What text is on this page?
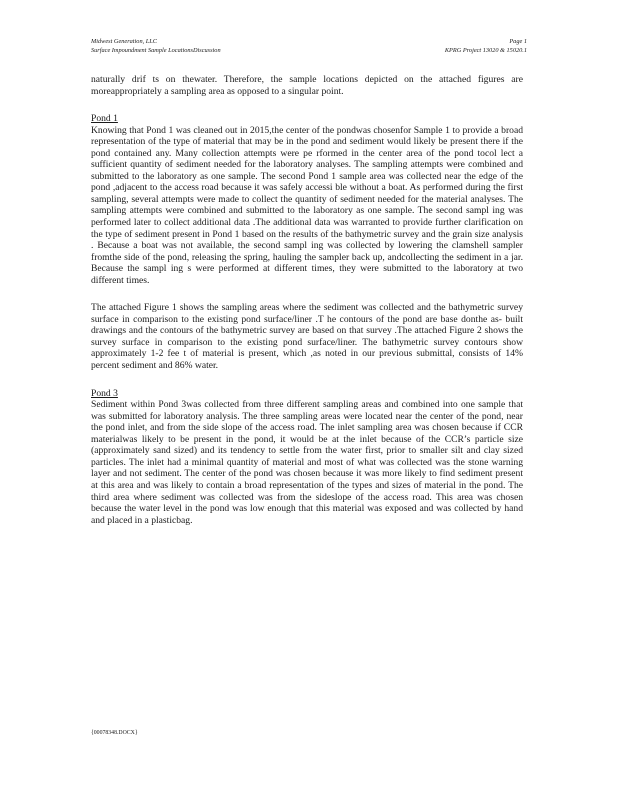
Midwest Generation, LLC	Page 1
Surface Impoundment Sample LocationsDiscussion	KPRG Project 13020 & 15020.1

naturally drif ts on thewater. Therefore, the sample locations depicted on the attached figures are moreappropriately a sampling area as opposed to a singular point.

Pond 1

Knowing that Pond 1 was cleaned out in 2015,the center of the pondwas chosenfor Sample 1 to provide a broad representation of the type of material that may be in the pond and sediment would likely be present there if the pond contained any. Many collection attempts were pe rformed in the center area of the pond tocol lect a sufficient quantity of sediment needed for the laboratory analyses. The sampling attempts were combined and submitted to the laboratory as one sample. The second Pond 1 sample area was collected near the edge of the pond ,adjacent to the access road because it was safely accessi ble without a boat. As performed during the first sampling, several attempts were made to collect the quantity of sediment needed for the material analyses. The sampling attempts were combined and submitted to the laboratory as one sample. The second sampl ing was performed later to collect additional data .The additional data was warranted to provide further clarification on the type of sediment present in Pond 1 based on the results of the bathymetric survey and the grain size analysis . Because a boat was not available, the second sampl ing was collected by lowering the clamshell sampler fromthe side of the pond, releasing the spring, hauling the sampler back up, andcollecting the sediment in a jar. Because the sampl ing s were performed at different times, they were submitted to the laboratory at two different times.

The attached Figure 1 shows the sampling areas where the sediment was collected and the bathymetric survey surface in comparison to the existing pond surface/liner .T he contours of the pond are base donthe as- built drawings and the contours of the bathymetric survey are based on that survey .The attached Figure 2 shows the survey surface in comparison to the existing pond surface/liner. The bathymetric survey contours show approximately 1-2 fee t of material is present, which ,as noted in our previous submittal, consists of 14% percent sediment and 86% water.

Pond 3

Sediment within Pond 3was collected from three different sampling areas and combined into one sample that was submitted for laboratory analysis. The three sampling areas were located near the center of the pond, near the pond inlet, and from the side slope of the access road. The inlet sampling area was chosen because if CCR materialwas likely to be present in the pond, it would be at the inlet because of the CCR’s particle size (approximately sand sized) and its tendency to settle from the water first, prior to smaller silt and clay sized particles. The inlet had a minimal quantity of material and most of what was collected was the stone warning layer and not sediment. The center of the pond was chosen because it was more likely to find sediment present at this area and was likely to contain a broad representation of the types and sizes of material in the pond. The third area where sediment was collected was from the sideslope of the access road. This area was chosen because the water level in the pond was low enough that this material was exposed and was collected by hand and placed in a plasticbag.

{00078348.DOCX}
